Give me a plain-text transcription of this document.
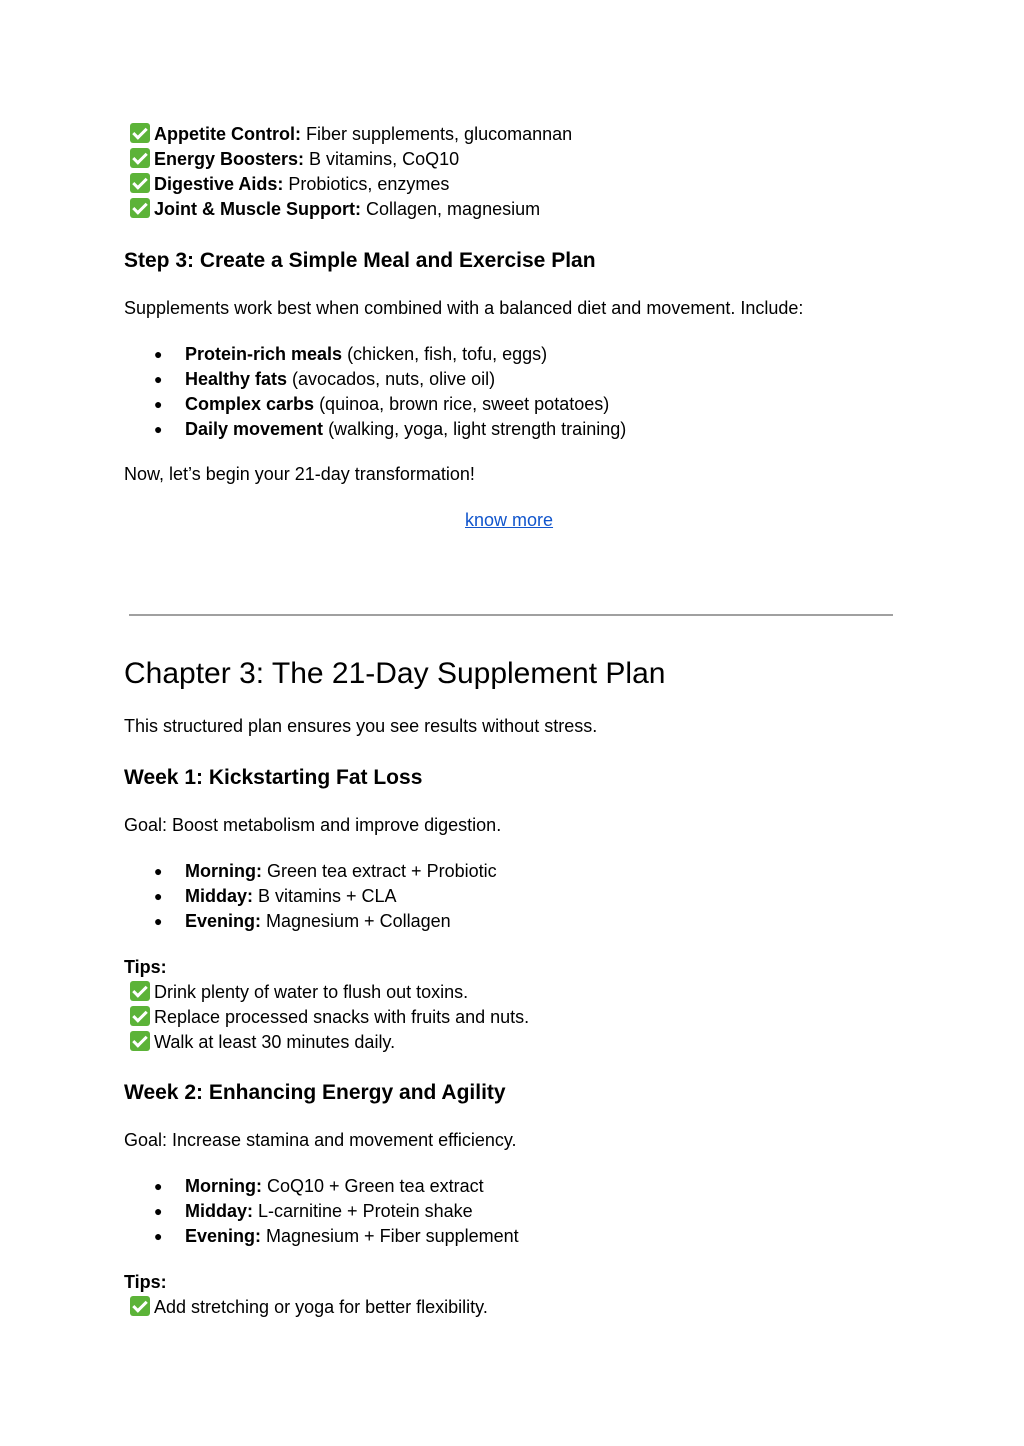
Appetite Control: Fiber supplements, glucomannan
Energy Boosters: B vitamins, CoQ10
Digestive Aids: Probiotics, enzymes
Joint & Muscle Support: Collagen, magnesium
Step 3: Create a Simple Meal and Exercise Plan
Supplements work best when combined with a balanced diet and movement. Include:
● Protein-rich meals (chicken, fish, tofu, eggs)
● Healthy fats (avocados, nuts, olive oil)
● Complex carbs (quinoa, brown rice, sweet potatoes)
● Daily movement (walking, yoga, light strength training)
Now, let’s begin your 21-day transformation!
know more
Chapter 3: The 21-Day Supplement Plan
This structured plan ensures you see results without stress.
Week 1: Kickstarting Fat Loss
Goal: Boost metabolism and improve digestion.
● Morning: Green tea extract + Probiotic
● Midday: B vitamins + CLA
● Evening: Magnesium + Collagen
Tips:
Drink plenty of water to flush out toxins.
Replace processed snacks with fruits and nuts.
Walk at least 30 minutes daily.
Week 2: Enhancing Energy and Agility
Goal: Increase stamina and movement efficiency.
● Morning: CoQ10 + Green tea extract
● Midday: L-carnitine + Protein shake
● Evening: Magnesium + Fiber supplement
Tips:
Add stretching or yoga for better flexibility.
